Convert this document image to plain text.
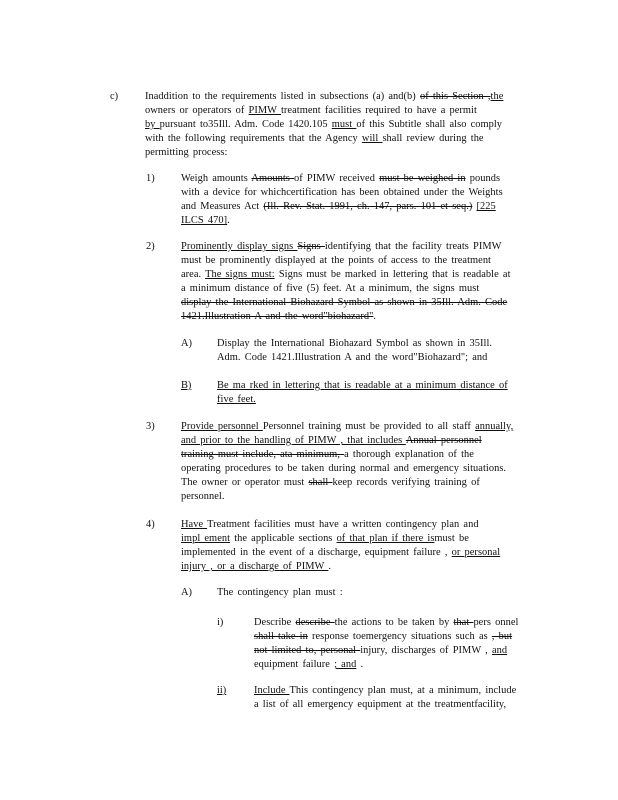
c)
1)
2)
A)
B)
3)
4)
A)
i)
ii)
Inaddition to the requirements listed in subsections (a) and(b) of this Section ,the
owners or operators of PIMW treatment facilities required to have a permit
by pursuant to35Ill. Adm. Code 1420.105 must of this Subtitle shall also comply
with the following requirements that the Agency will shall review during the
permitting process:
Weigh amounts Amounts of PIMW received must be weighed in pounds
with a device for whichcertification has been obtained under the Weights
and Measures Act (Ill. Rev. Stat. 1991, ch. 147, pars. 101 et seq.) [225
ILCS 470].
Prominently display signs Signs identifying that the facility treats PIMW
must be prominently displayed at the points of access to the treatment
area. The signs must: Signs must be marked in lettering that is readable at
a minimum distance of five (5) feet. At a minimum, the signs must
display the International Biohazard Symbol as shown in 35Ill. Adm. Code
1421.Illustration A and the word"biohazard".
Display the International Biohazard Symbol as shown in 35Ill.
Adm. Code 1421.Illustration A and the word"Biohazard"; and
Be ma rked in lettering that is readable at a minimum distance of
five feet.
Provide personnel Personnel training must be provided to all staff annually,
and prior to the handling of PIMW , that includes Annual personnel
training must include, ata minimum, a thorough explanation of the
operating procedures to be taken during normal and emergency situations.
The owner or operator must shall keep records verifying training of
personnel.
Have Treatment facilities must have a written contingency plan and
impl ement the applicable sections of that plan if there ismust be
implemented in the event of a discharge, equipment failure , or personal
injury , or a discharge of PIMW .
The contingency plan must :
Describe describe the actions to be taken by that pers onnel
shall take in response toemergency situations such as , but
not limited to, personal injury, discharges of PIMW , and
equipment failure ; and .
Include This contingency plan must, at a minimum, include
a list of all emergency equipment at the treatmentfacility,
